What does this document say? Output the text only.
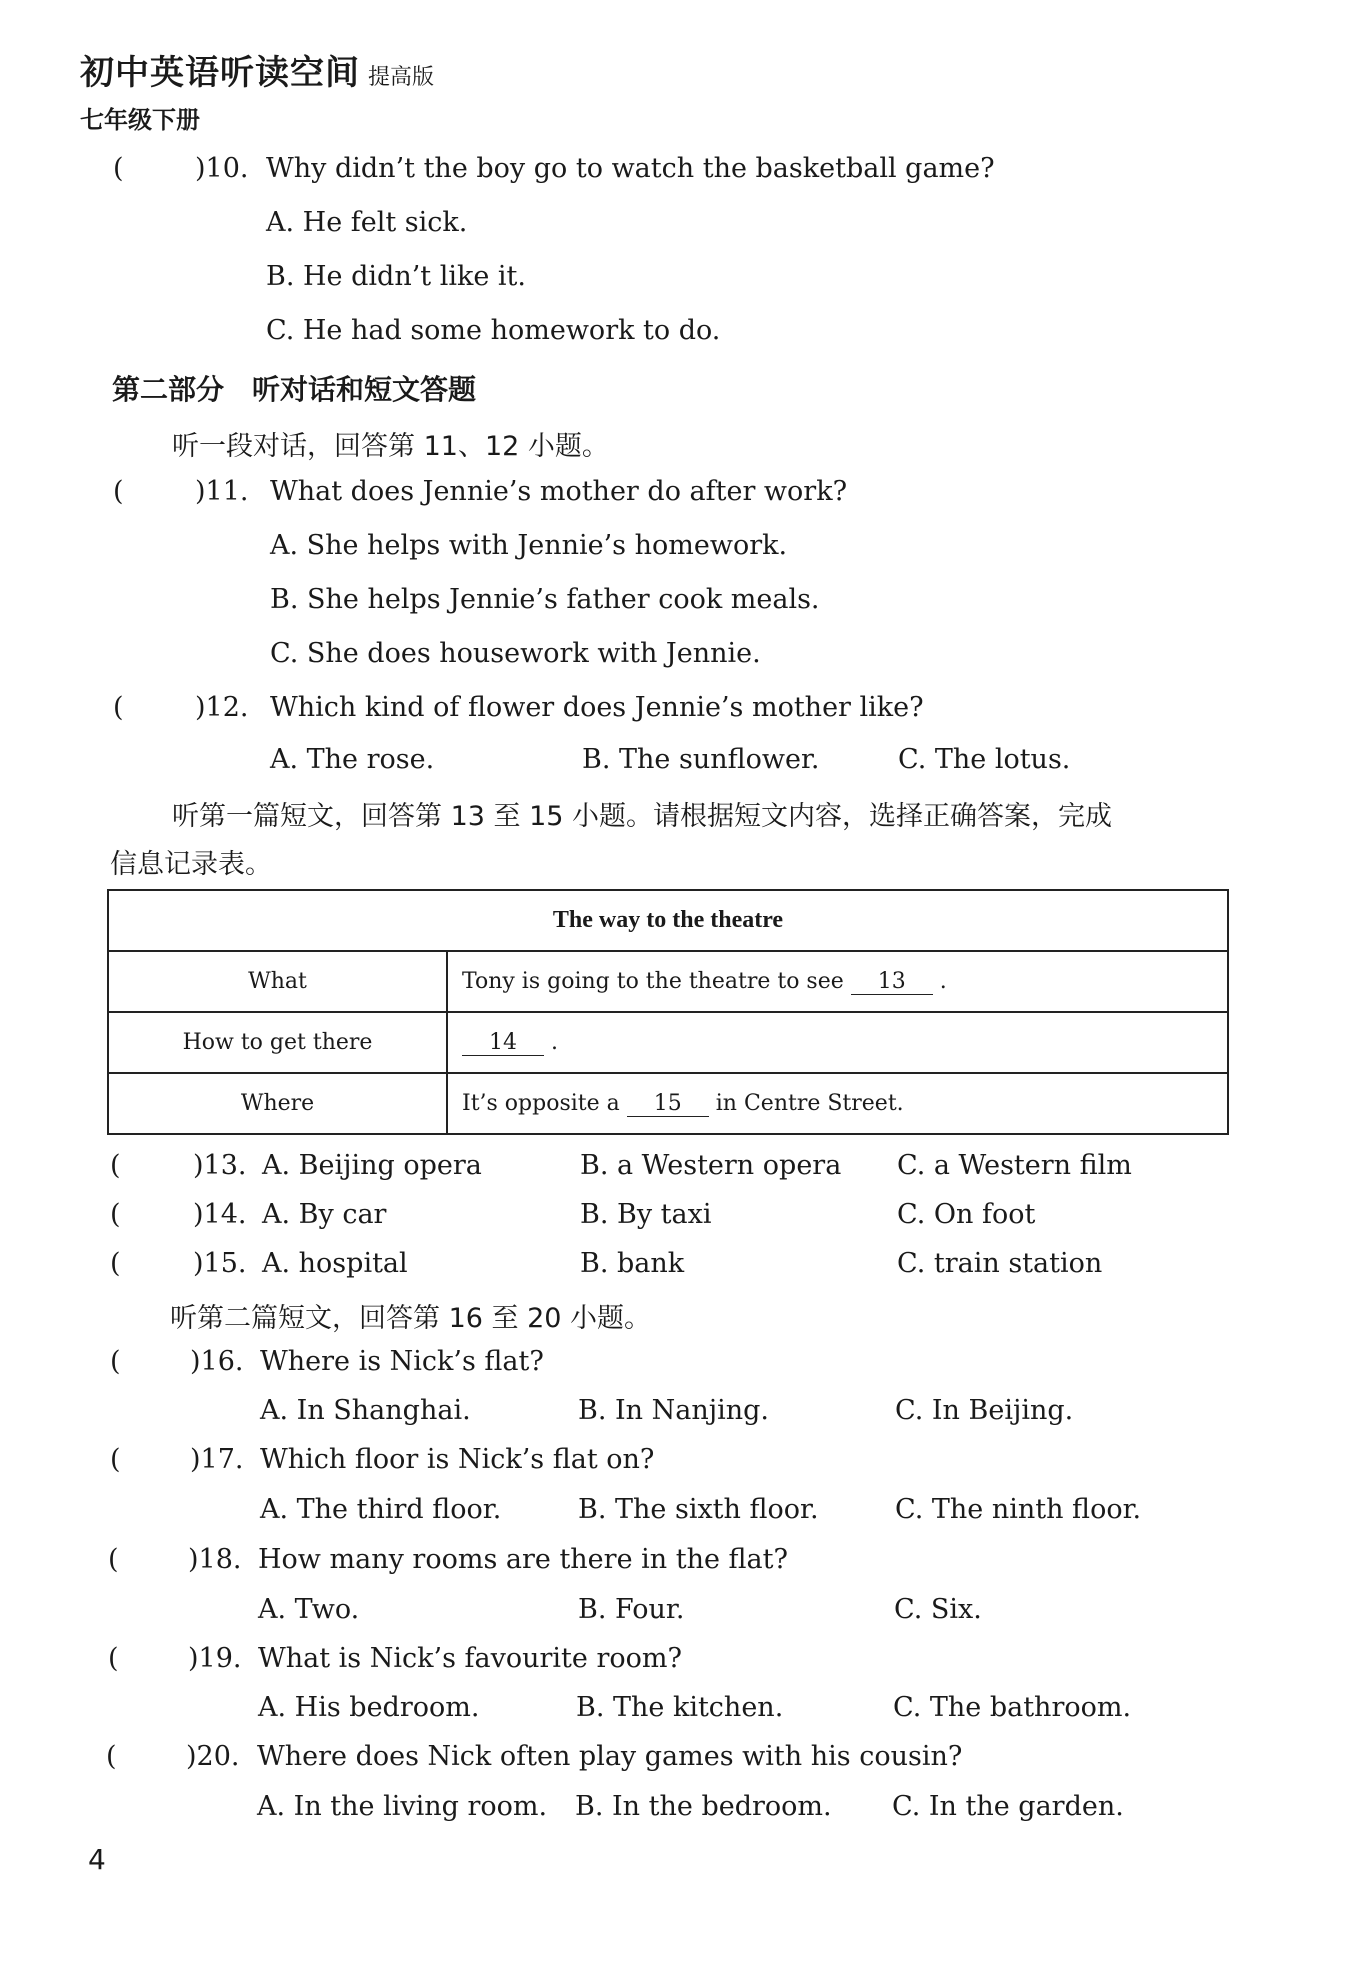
初中英语听读空间 提高版
七年级下册
(	)10. Why didn’t the boy go to watch the basketball game?
A. He felt sick.
B. He didn’t like it.
C. He had some homework to do.
第二部分　听对话和短文答题
听一段对话，回答第 11、12 小题。
(	)11. What does Jennie’s mother do after work?
A. She helps with Jennie’s homework.
B. She helps Jennie’s father cook meals.
C. She does housework with Jennie.
(	)12. Which kind of flower does Jennie’s mother like?
A. The rose.	B. The sunflower.	C. The lotus.
听第一篇短文，回答第 13 至 15 小题。请根据短文内容，选择正确答案，完成
信息记录表。
The way to the theatre	
What	Tony is going to the theatre to see 13 .
How to get there	14 .
Where	It’s opposite a 15 in Centre Street.
(	)13. A. Beijing opera	B. a Western opera C. a Western film
(	)14. A. By car	B. By taxi	C. On foot
(	)15. A. hospital	B. bank	C. train station
听第二篇短文，回答第 16 至 20 小题。
(	)16. Where is Nick’s flat?
A. In Shanghai.	B. In Nanjing.	C. In Beijing.
(	)17. Which floor is Nick’s flat on?
A. The third floor.	B. The sixth floor.	C. The ninth floor.
(	)18. How many rooms are there in the flat?
A. Two.	B. Four.	C. Six.
(	)19. What is Nick’s favourite room?
A. His bedroom.	B. The kitchen.	C. The bathroom.
(	)20. Where does Nick often play games with his cousin?
A. In the living room. B. In the bedroom. C. In the garden.
4
